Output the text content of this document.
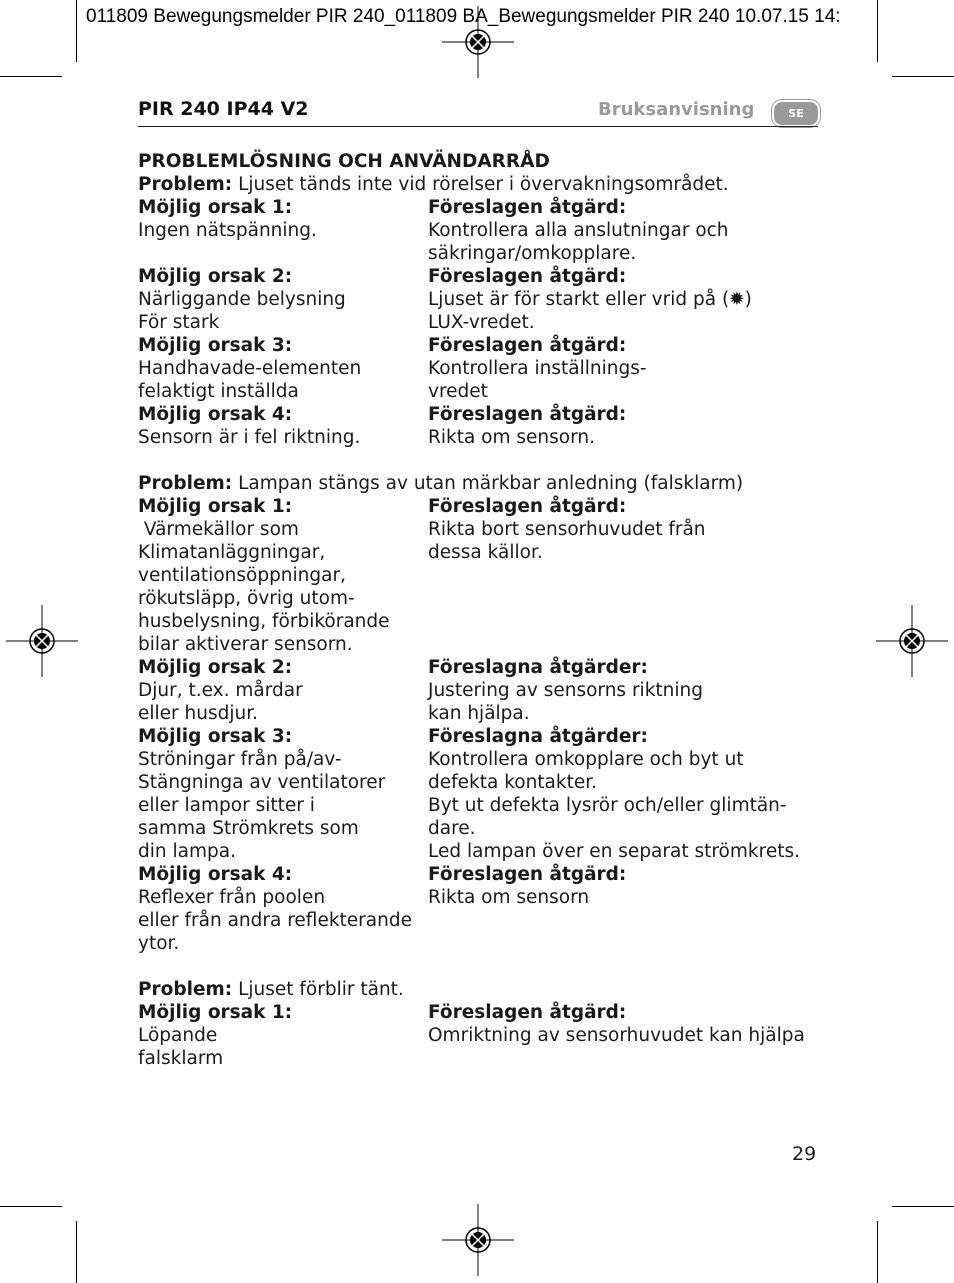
011809 Bewegungsmelder PIR 240_011809 BA_Bewegungsmelder PIR 240 10.07.15 14:
PIR 240 IP44 V2	Bruksanvisning	SE
PROBLEMLÖSNING OCH ANVÄNDARRÅD
Problem: Ljuset tänds inte vid rörelser i övervakningsområdet.
Möjlig orsak 1:
Ingen nätspänning.
Föreslagen åtgärd:
Kontrollera alla anslutningar och
säkringar/omkopplare.
Möjlig orsak 2:
Närliggande belysning
För stark
Föreslagen åtgärd:
Ljuset är för starkt eller vrid på (✹)
LUX-vredet.
Möjlig orsak 3:
Handhavade-elementen
felaktigt inställda
Föreslagen åtgärd:
Kontrollera inställnings-
vredet
Möjlig orsak 4:
Sensorn är i fel riktning.
Föreslagen åtgärd:
Rikta om sensorn.
Problem: Lampan stängs av utan märkbar anledning (falsklarm)
Möjlig orsak 1:
Värmekällor som
Klimatanläggningar,
ventilationsöppningar,
rökutsläpp, övrig utom-
husbelysning, förbikörande
bilar aktiverar sensorn.
Föreslagen åtgärd:
Rikta bort sensorhuvudet från
dessa källor.
Möjlig orsak 2:
Djur, t.ex. mårdar
eller husdjur.
Föreslagna åtgärder:
Justering av sensorns riktning
kan hjälpa.
Möjlig orsak 3:
Ströningar från på/av-
Stängninga av ventilatorer
eller lampor sitter i
samma Strömkrets som
din lampa.
Föreslagna åtgärder:
Kontrollera omkopplare och byt ut
defekta kontakter.
Byt ut defekta lysrör och/eller glimtän-
dare.
Led lampan över en separat strömkrets.
Möjlig orsak 4:
Reflexer från poolen
eller från andra reflekterande
ytor.
Föreslagen åtgärd:
Rikta om sensorn
Problem: Ljuset förblir tänt.
Möjlig orsak 1:
Löpande
falsklarm
Föreslagen åtgärd:
Omriktning av sensorhuvudet kan hjälpa
29
